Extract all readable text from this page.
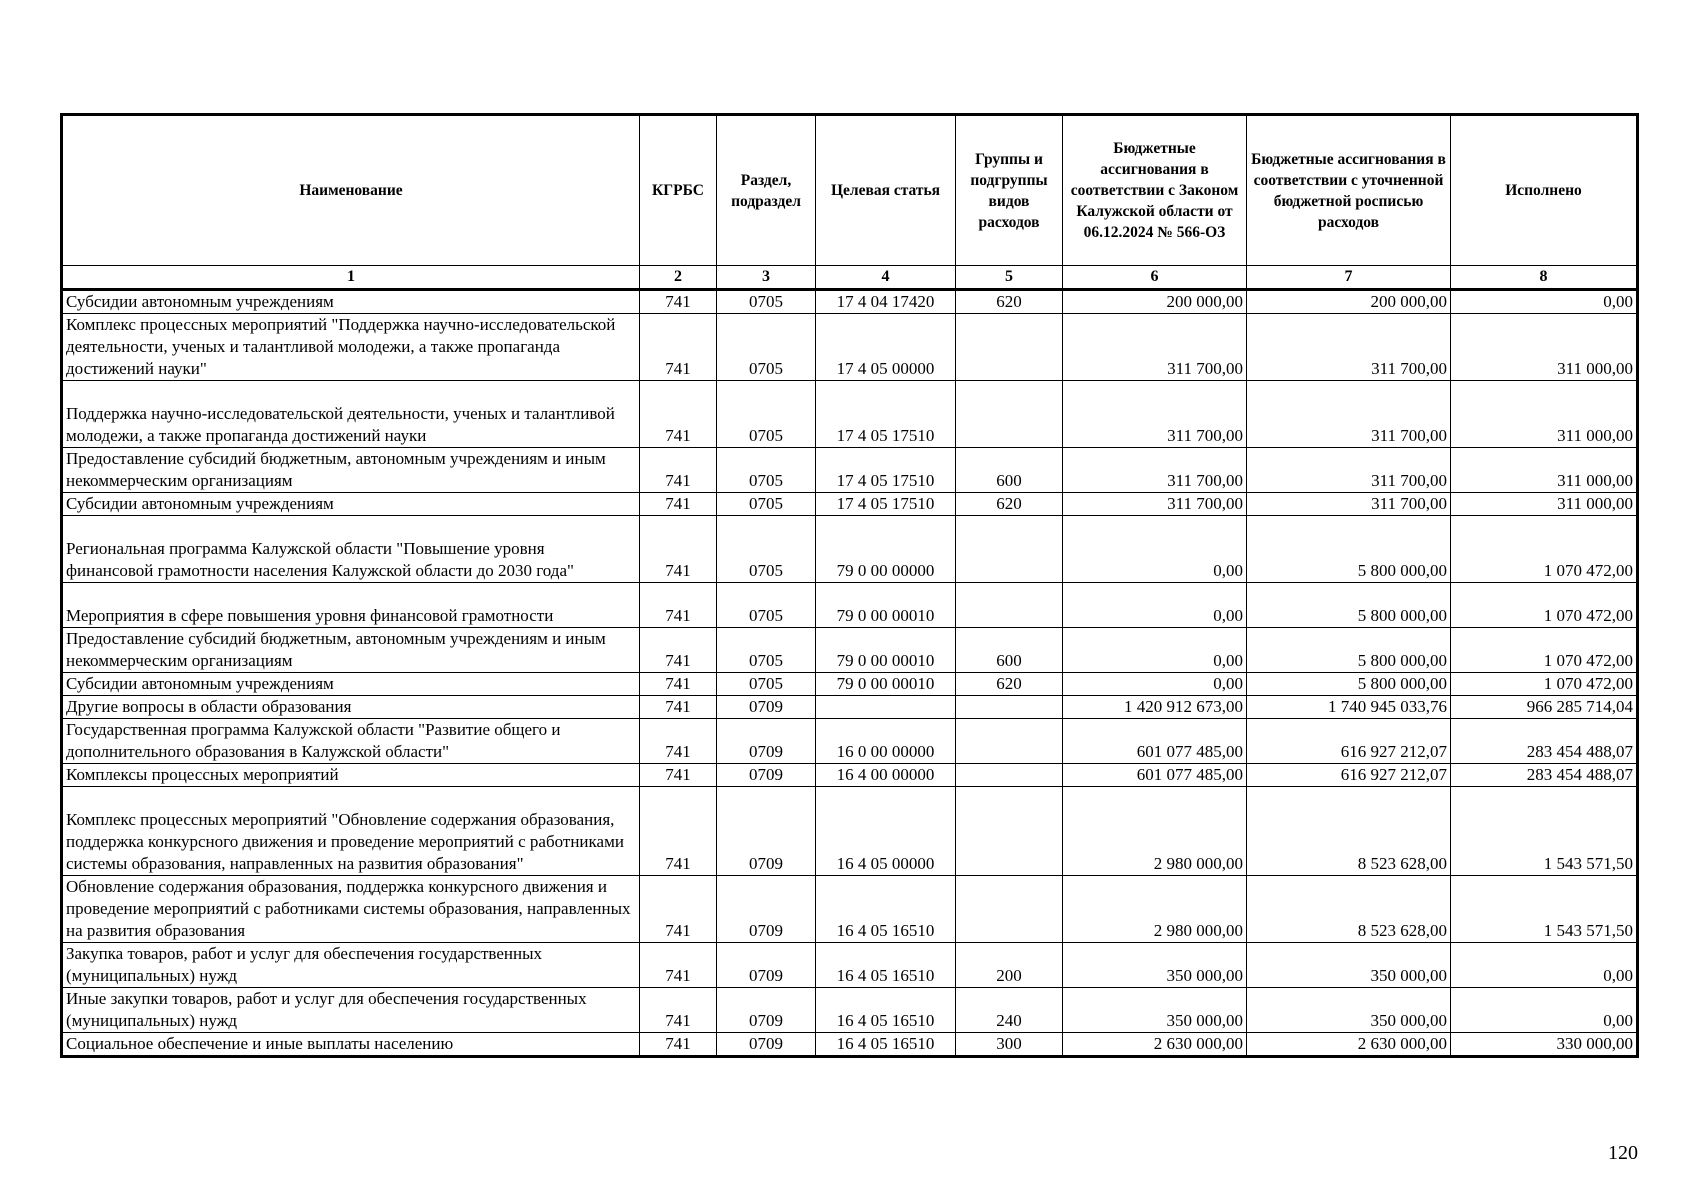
Наименование	КГРБС	Раздел, подраздел	Целевая статья	Группы и подгруппы видов расходов	Бюджетные ассигнования в соответствии с Законом Калужской области от 06.12.2024 № 566-ОЗ	Бюджетные ассигнования в соответствии с уточненной бюджетной росписью расходов	Исполнено
1	2	3	4	5	6	7	8
Субсидии автономным учреждениям	741	0705	17 4 04 17420	620	200 000,00	200 000,00	0,00
Комплекс процессных мероприятий "Поддержка научно-исследовательской деятельности, ученых и талантливой молодежи, а также пропаганда достижений науки"	741	0705	17 4 05 00000		311 700,00	311 700,00	311 000,00
Поддержка научно-исследовательской деятельности, ученых и талантливой молодежи, а также пропаганда достижений науки	741	0705	17 4 05 17510		311 700,00	311 700,00	311 000,00
Предоставление субсидий бюджетным, автономным учреждениям и иным некоммерческим организациям	741	0705	17 4 05 17510	600	311 700,00	311 700,00	311 000,00
Субсидии автономным учреждениям	741	0705	17 4 05 17510	620	311 700,00	311 700,00	311 000,00
Региональная программа Калужской области "Повышение уровня финансовой грамотности населения Калужской области до 2030 года"	741	0705	79 0 00 00000		0,00	5 800 000,00	1 070 472,00
Мероприятия в сфере повышения уровня финансовой грамотности	741	0705	79 0 00 00010		0,00	5 800 000,00	1 070 472,00
Предоставление субсидий бюджетным, автономным учреждениям и иным некоммерческим организациям	741	0705	79 0 00 00010	600	0,00	5 800 000,00	1 070 472,00
Субсидии автономным учреждениям	741	0705	79 0 00 00010	620	0,00	5 800 000,00	1 070 472,00
Другие вопросы в области образования	741	0709			1 420 912 673,00	1 740 945 033,76	966 285 714,04
Государственная программа Калужской области "Развитие общего и дополнительного образования в Калужской области"	741	0709	16 0 00 00000		601 077 485,00	616 927 212,07	283 454 488,07
Комплексы процессных мероприятий	741	0709	16 4 00 00000		601 077 485,00	616 927 212,07	283 454 488,07
Комплекс процессных мероприятий "Обновление содержания образования, поддержка конкурсного движения и проведение мероприятий с работниками системы образования, направленных на развития образования"	741	0709	16 4 05 00000		2 980 000,00	8 523 628,00	1 543 571,50
Обновление содержания образования, поддержка конкурсного движения и проведение мероприятий с работниками системы образования, направленных на развития образования	741	0709	16 4 05 16510		2 980 000,00	8 523 628,00	1 543 571,50
Закупка товаров, работ и услуг для обеспечения государственных (муниципальных) нужд	741	0709	16 4 05 16510	200	350 000,00	350 000,00	0,00
Иные закупки товаров, работ и услуг для обеспечения государственных (муниципальных) нужд	741	0709	16 4 05 16510	240	350 000,00	350 000,00	0,00
Социальное обеспечение и иные выплаты населению	741	0709	16 4 05 16510	300	2 630 000,00	2 630 000,00	330 000,00
120
